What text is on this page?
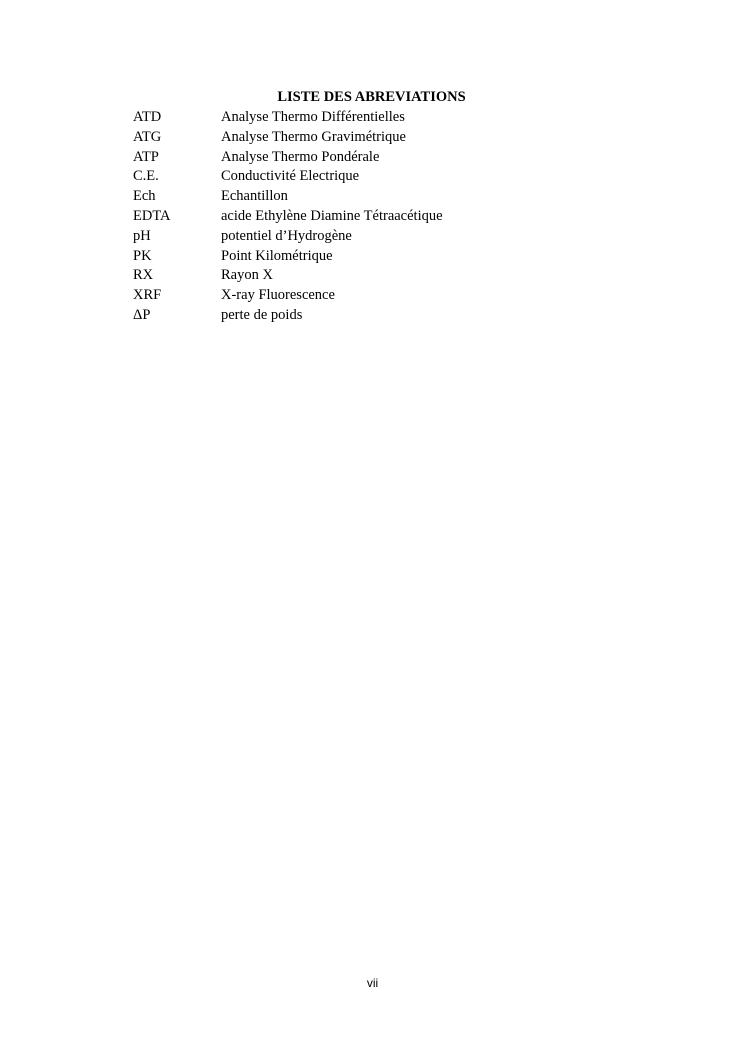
LISTE DES ABREVIATIONS
ATD	Analyse Thermo Différentielles
ATG	Analyse Thermo Gravimétrique
ATP	Analyse Thermo Pondérale
C.E.	Conductivité Electrique
Ech	Echantillon
EDTA	acide Ethylène Diamine Tétraacétique
pH	potentiel d’Hydrogène
PK	Point Kilométrique
RX	Rayon X
XRF	X-ray Fluorescence
ΔP	perte de poids
vii
